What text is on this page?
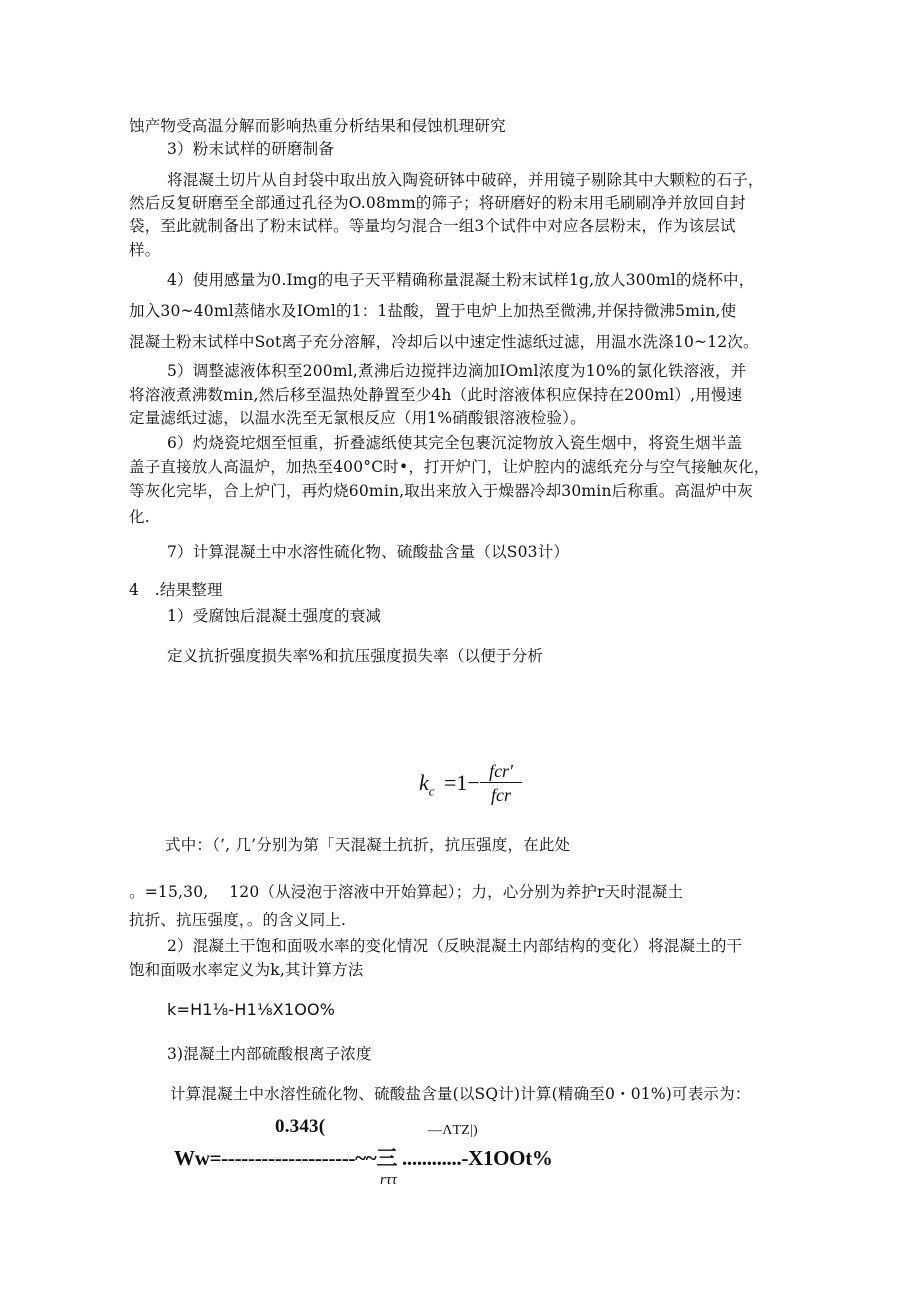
蚀产物受高温分解而影响热重分析结果和侵蚀机理研究
3）粉末试样的研磨制备
将混凝土切片从自封袋中取出放入陶瓷研钵中破碎，并用镜子剔除其中大颗粒的石子，
然后反复研磨至全部通过孔径为O.08mm的筛子；将研磨好的粉末用毛刷刷净并放回自封
袋，至此就制备出了粉末试样。等量均匀混合一组3个试件中对应各层粉末，作为该层试
样。
4）使用感量为0.Img的电子天平精确称量混凝土粉末试样1g,放人300ml的烧杯中，
加入30~40ml蒸储水及IOml的1：1盐酸，置于电炉上加热至微沸,并保持微沸5min,使
混凝土粉末试样中Sot离子充分溶解，冷却后以中速定性滤纸过滤，用温水洗涤10~12次。
5）调整滤液体积至200ml,煮沸后边搅拌边滴加IOml浓度为10%的氯化铁溶液，并
将溶液煮沸数min,然后移至温热处静置至少4h（此时溶液体积应保持在200ml）,用慢速
定量滤纸过滤，以温水洗至无氯根反应（用1%硝酸银溶液检验）。
6）灼烧瓷坨烟至恒重，折叠滤纸使其完全包裹沉淀物放入瓷生烟中，将瓷生烟半盖
盖子直接放人高温炉，加热至400°C时•，打开炉门，让炉腔内的滤纸充分与空气接触灰化，
等灰化完毕，合上炉门，再灼烧60min,取出来放入于燥器冷却30min后称重。高温炉中灰
化.
7）计算混凝土中水溶性硫化物、硫酸盐含量（以S03计）
4　.结果整理
1）受腐蚀后混凝土强度的衰减
定义抗折强度损失率%和抗压强度损失率（以便于分析
$k_c =1- fcr'$
fcr
式中：（’, 几’分别为第「天混凝土抗折，抗压强度，在此处
。=15,30,　 120（从浸泡于溶液中开始算起）；力，心分别为养护r天时混凝土
抗折、抗压强度，。的含义同上.
2）混凝土干饱和面吸水率的变化情况（反映混凝土内部结构的变化）将混凝土的干
饱和面吸水率定义为k,其计算方法
k=H1⅛-H1⅛X1OO%
3)混凝土内部硫酸根离子浓度
计算混凝土中水溶性硫化物、硫酸盐含量(以SQ计)计算(精确至0・01%)可表示为：
0.343(	—ΛTZ|)
Ww=--------------------~~三 ............-X1OOt%
rττ
